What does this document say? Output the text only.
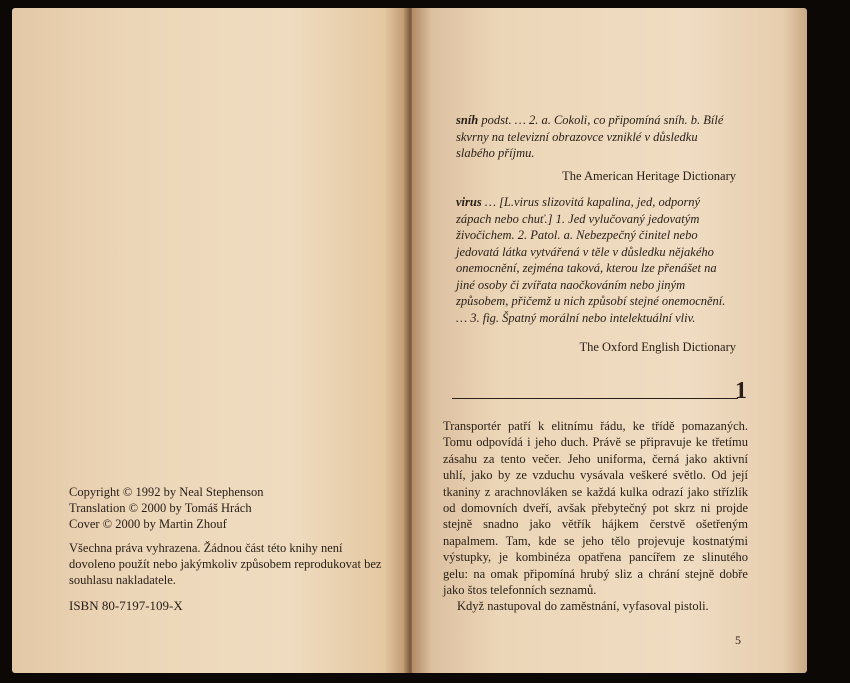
Copyright © 1992 by Neal Stephenson
Translation © 2000 by Tomáš Hrách
Cover © 2000 by Martin Zhouf
Všechna práva vyhrazena. Žádnou část této knihy není dovoleno použít nebo jakýmkoliv způsobem reprodukovat bez souhlasu nakladatele.
ISBN 80-7197-109-X
sníh podst. … 2. a. Cokoli, co připomíná sníh. b. Bílé skvrny na televizní obrazovce vzniklé v důsledku slabého příjmu.
The American Heritage Dictionary
virus … [L.virus slizovitá kapalina, jed, odporný zápach nebo chuť.] 1. Jed vylučovaný jedovatým živočichem. 2. Patol. a. Nebezpečný činitel nebo jedovatá látka vytvářená v těle v důsledku nějakého onemocnění, zejména taková, kterou lze přenášet na jiné osoby či zvířata naočkováním nebo jiným způsobem, přičemž u nich způsobí stejné onemocnění. … 3. fig. Špatný morální nebo intelektuální vliv.
The Oxford English Dictionary
1

Transportér patří k elitnímu řádu, ke třídě pomazaných. Tomu odpovídá i jeho duch. Právě se připravuje ke třetímu zásahu za tento večer. Jeho uniforma, černá jako aktivní uhlí, jako by ze vzduchu vysávala veškeré světlo. Od její tkaniny z arachnovláken se každá kulka odrazí jako střízlík od domovních dveří, avšak přebytečný pot skrz ni projde stejně snadno jako větřík hájkem čerstvě ošetřeným napalmem. Tam, kde se jeho tělo projevuje kostnatými výstupky, je kombinéza opatřena pancířem ze slinutého gelu: na omak připomíná hrubý sliz a chrání stejně dobře jako štos telefonních seznamů.

Když nastupoval do zaměstnání, vyfasoval pistoli.

5
